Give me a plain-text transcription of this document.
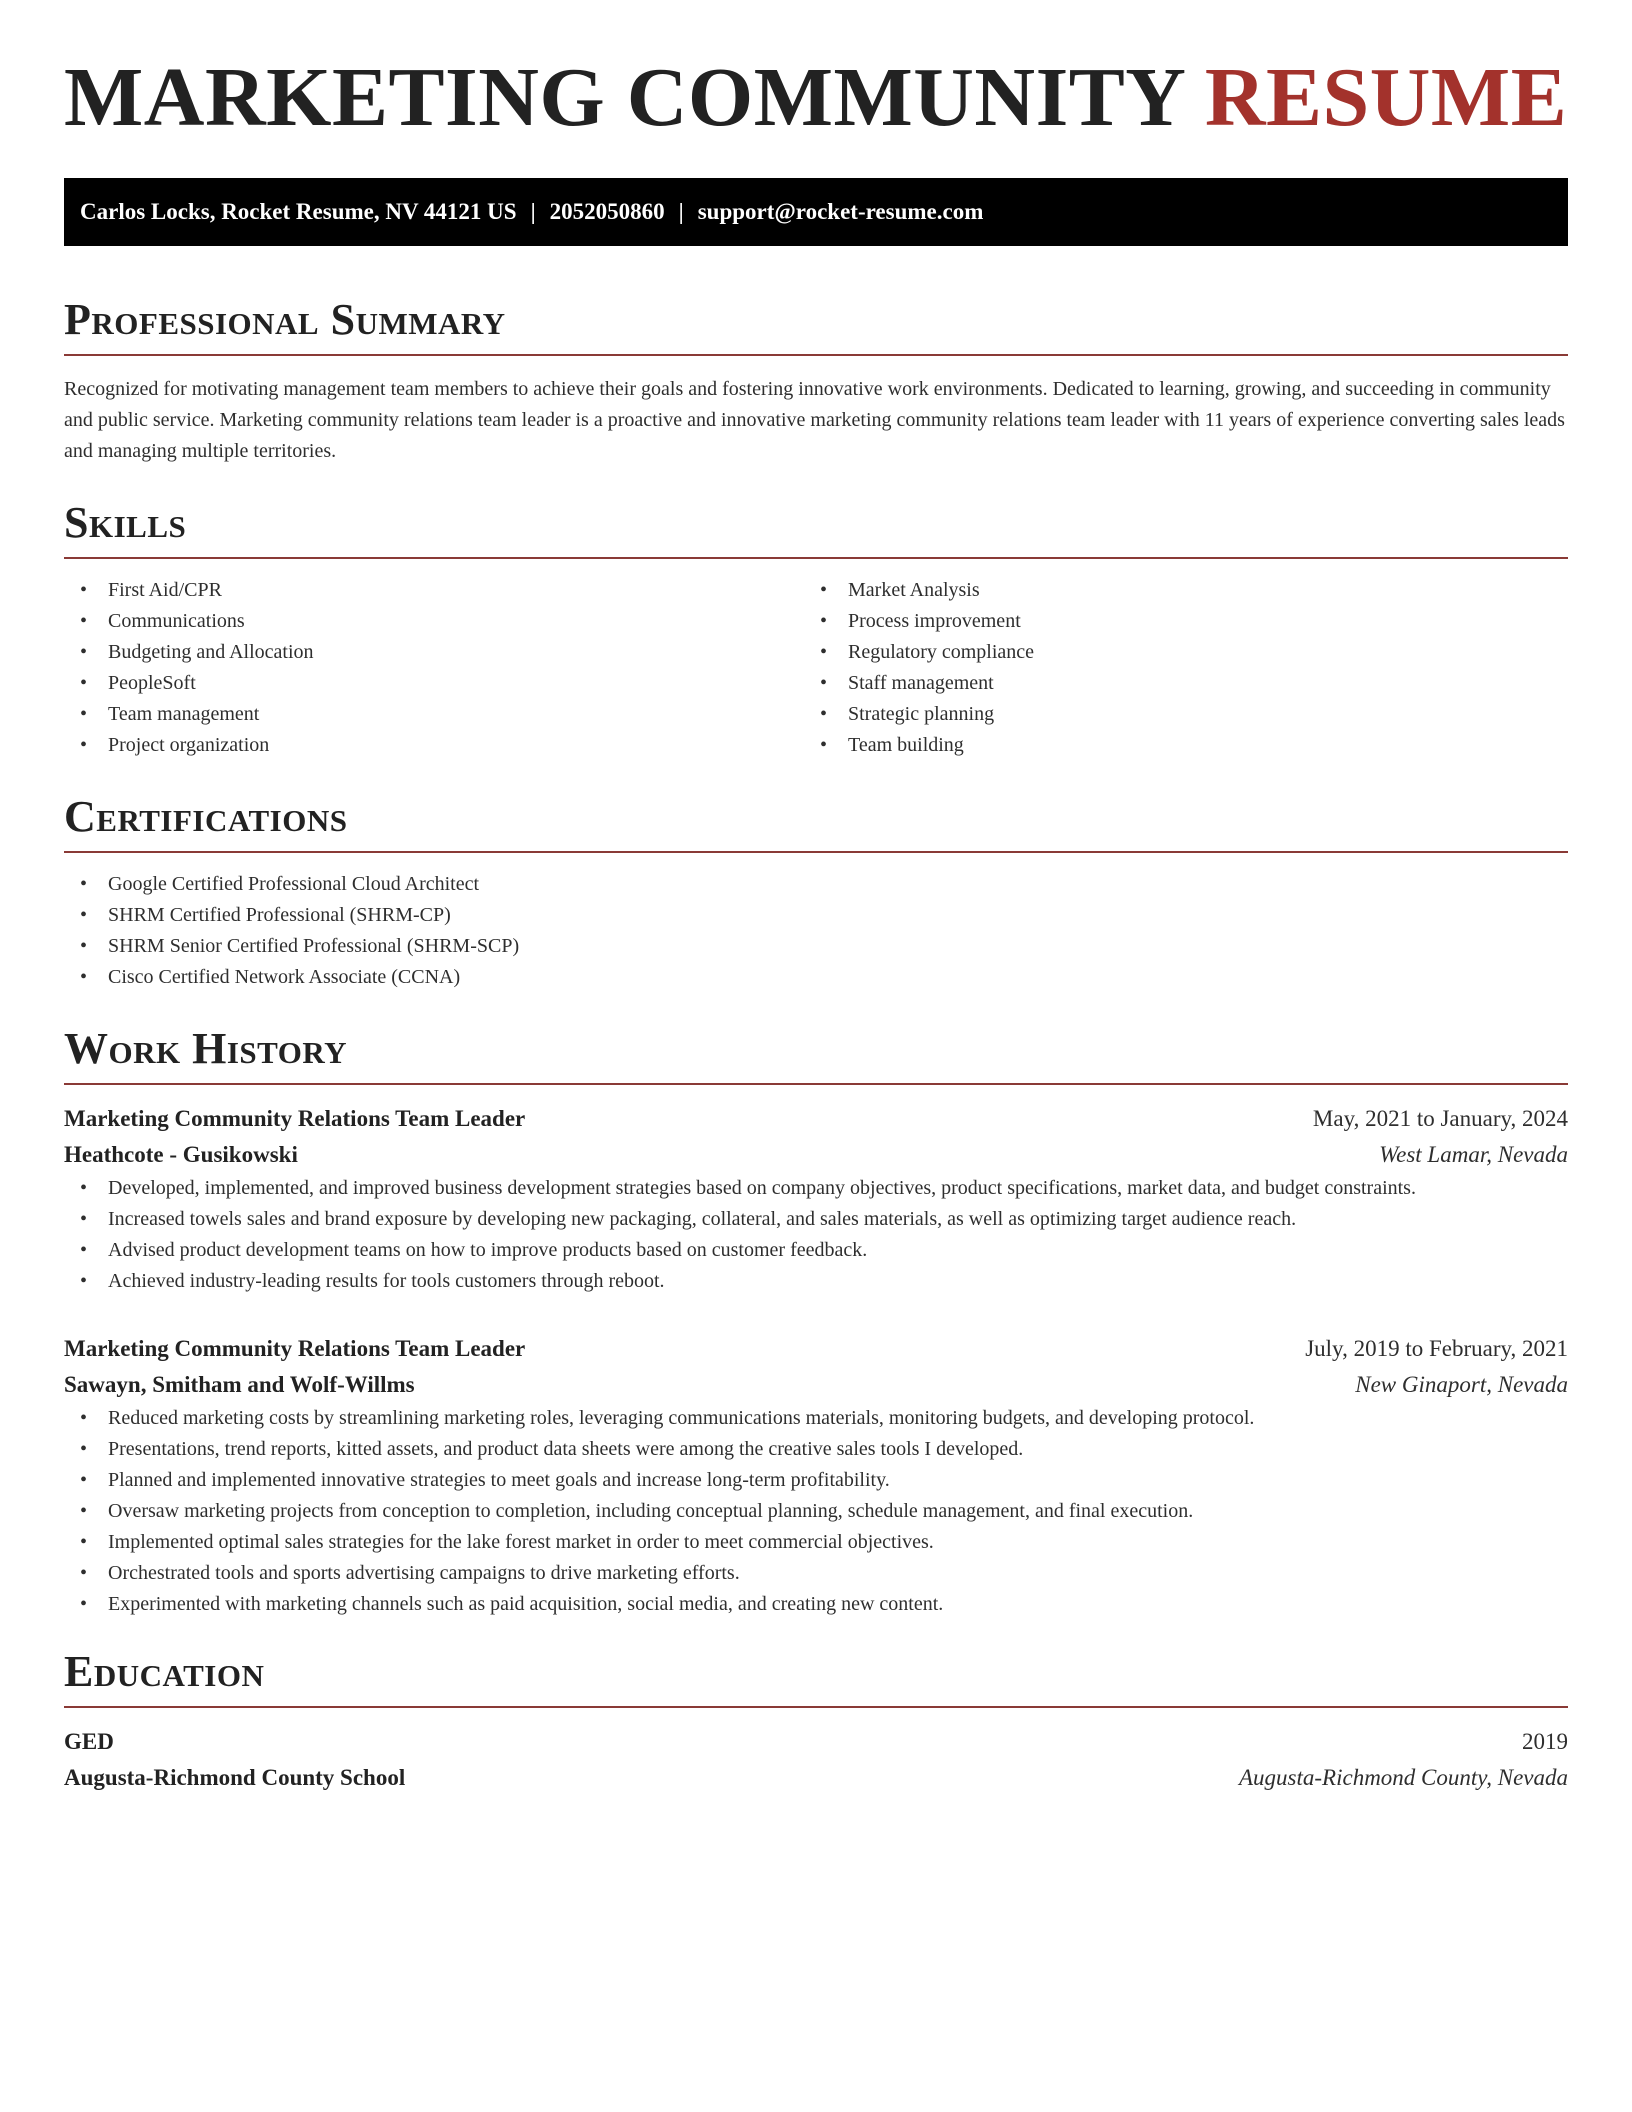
MARKETING COMMUNITY RESUME
Carlos Locks, Rocket Resume, NV 44121 US | 2052050860 | support@rocket-resume.com
Professional Summary

Recognized for motivating management team members to achieve their goals and fostering innovative work environments. Dedicated to learning, growing, and succeeding in community and public service. Marketing community relations team leader is a proactive and innovative marketing community relations team leader with 11 years of experience converting sales leads and managing multiple territories.

Skills
• First Aid/CPR
• Communications
• Budgeting and Allocation
• PeopleSoft
• Team management
• Project organization
• Market Analysis
• Process improvement
• Regulatory compliance
• Staff management
• Strategic planning
• Team building
Certifications
• Google Certified Professional Cloud Architect
• SHRM Certified Professional (SHRM-CP)
• SHRM Senior Certified Professional (SHRM-SCP)
• Cisco Certified Network Associate (CCNA)
Work History
Marketing Community Relations Team Leader	May, 2021 to January, 2024
Heathcote - Gusikowski	West Lamar, Nevada
• Developed, implemented, and improved business development strategies based on company objectives, product specifications, market data, and budget constraints.
• Increased towels sales and brand exposure by developing new packaging, collateral, and sales materials, as well as optimizing target audience reach.
• Advised product development teams on how to improve products based on customer feedback.
• Achieved industry-leading results for tools customers through reboot.
Marketing Community Relations Team Leader	July, 2019 to February, 2021
Sawayn, Smitham and Wolf-Willms	New Ginaport, Nevada
• Reduced marketing costs by streamlining marketing roles, leveraging communications materials, monitoring budgets, and developing protocol.
• Presentations, trend reports, kitted assets, and product data sheets were among the creative sales tools I developed.
• Planned and implemented innovative strategies to meet goals and increase long-term profitability.
• Oversaw marketing projects from conception to completion, including conceptual planning, schedule management, and final execution.
• Implemented optimal sales strategies for the lake forest market in order to meet commercial objectives.
• Orchestrated tools and sports advertising campaigns to drive marketing efforts.
• Experimented with marketing channels such as paid acquisition, social media, and creating new content.
Education
GED	2019
Augusta-Richmond County School	Augusta-Richmond County, Nevada
